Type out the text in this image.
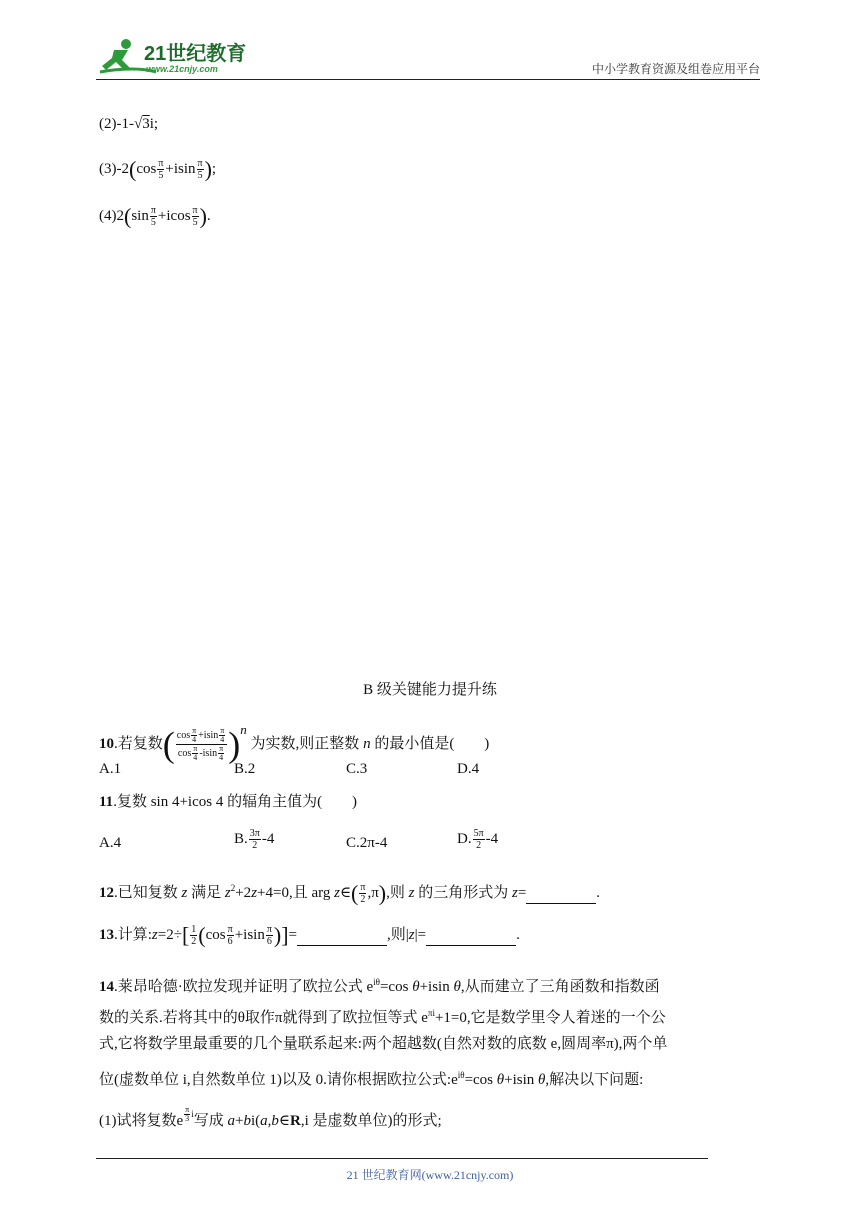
21世纪教育
www.21cnjy.com	中小学教育资源及组卷应用平台
(2)-1-√3i;
$(3)-2(\cos \frac{\pi}{5} +isin \frac{\pi}{5}$ );
$(4)2(\sin \frac{\pi}{5} +icos \frac{\pi}{5}$ ).
B 级关键能力提升练
10.若复数( $\frac{\cos \frac{\pi}{4} +isin \frac{\pi}{4}}{\cos \frac{\pi}{4} -isin \frac{\pi}{4}} )^n$ 为实数,则正整数 n 的最小值是(　　)
A.1	B.2	C.3	D.4
11.复数 sin 4+icos 4 的辐角主值为(　　)
A.4	B. $\frac{3\pi}{2} -4$	C.2π-4	D. $\frac{5\pi}{2} -4$
12.已知复数 z 满足 $z^2+2z+4=0$,且 arg z∈( $\frac{\pi}{2} ,\pi$),则 z 的三角形式为 z=	.
13.计算:z=2÷[ $\frac{1}{2} (\cos \frac{\pi}{6} +isin \frac{\pi}{6}$ )]=	,则|z|=	.
14.莱昂哈德·欧拉发现并证明了欧拉公式 $e^{i\theta}=\cos$ θ+isin θ,从而建立了三角函数和指数函
数的关系.若将其中的θ取作π就得到了欧拉恒等式 $e^{\pi i}+1=0$,它是数学里令人着迷的一个公
式,它将数学里最重要的几个量联系起来:两个超越数(自然对数的底数 e,圆周率π),两个单
位(虚数单位 i,自然数单位 1)以及 0.请你根据欧拉公式$:e^{i\theta}=\cos$ θ+isin θ,解决以下问题:
(1)试将复数e $^{\frac{\pi}{3} i}$写成 a+bi(a,b∈R,i 是虚数单位)的形式;
21 世纪教育网(www.21cnjy.com)
